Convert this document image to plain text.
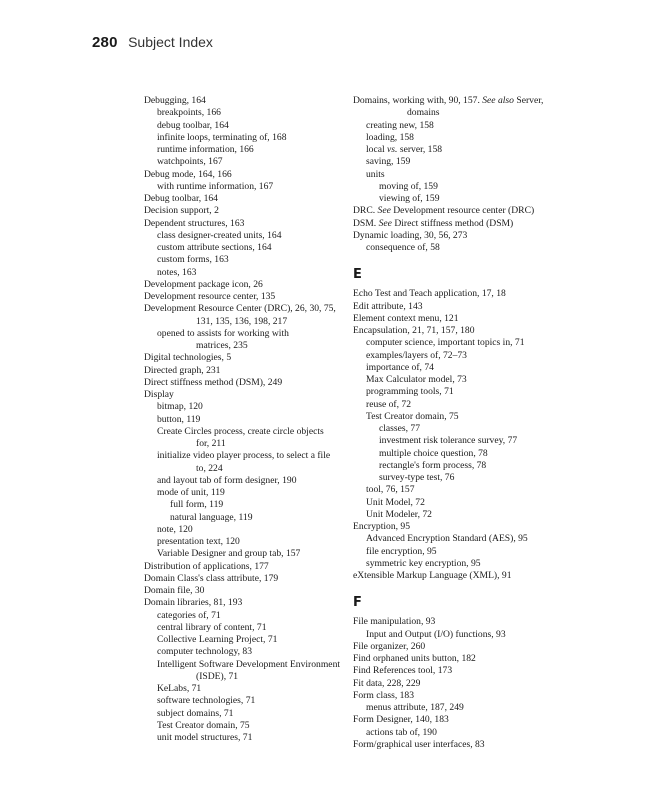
280 Subject Index
Debugging, 164
breakpoints, 166
debug toolbar, 164
infinite loops, terminating of, 168
runtime information, 166
watchpoints, 167
Debug mode, 164, 166
with runtime information, 167
Debug toolbar, 164
Decision support, 2
Dependent structures, 163
class designer-created units, 164
custom attribute sections, 164
custom forms, 163
notes, 163
Development package icon, 26
Development resource center, 135
Development Resource Center (DRC), 26, 30, 75,
131, 135, 136, 198, 217
opened to assists for working with
matrices, 235
Digital technologies, 5
Directed graph, 231
Direct stiffness method (DSM), 249
Display
bitmap, 120
button, 119
Create Circles process, create circle objects
for, 211
initialize video player process, to select a file
to, 224
and layout tab of form designer, 190
mode of unit, 119
full form, 119
natural language, 119
note, 120
presentation text, 120
Variable Designer and group tab, 157
Distribution of applications, 177
Domain Class's class attribute, 179
Domain file, 30
Domain libraries, 81, 193
categories of, 71
central library of content, 71
Collective Learning Project, 71
computer technology, 83
Intelligent Software Development Environment
(ISDE), 71
KeLabs, 71
software technologies, 71
subject domains, 71
Test Creator domain, 75
unit model structures, 71
Domains, working with, 90, 157. See also Server,
domains
creating new, 158
loading, 158
local vs. server, 158
saving, 159
units
moving of, 159
viewing of, 159
DRC. See Development resource center (DRC)
DSM. See Direct stiffness method (DSM)
Dynamic loading, 30, 56, 273
consequence of, 58
E
Echo Test and Teach application, 17, 18
Edit attribute, 143
Element context menu, 121
Encapsulation, 21, 71, 157, 180
computer science, important topics in, 71
examples/layers of, 72–73
importance of, 74
Max Calculator model, 73
programming tools, 71
reuse of, 72
Test Creator domain, 75
classes, 77
investment risk tolerance survey, 77
multiple choice question, 78
rectangle's form process, 78
survey-type test, 76
tool, 76, 157
Unit Model, 72
Unit Modeler, 72
Encryption, 95
Advanced Encryption Standard (AES), 95
file encryption, 95
symmetric key encryption, 95
eXtensible Markup Language (XML), 91
F
File manipulation, 93
Input and Output (I/O) functions, 93
File organizer, 260
Find orphaned units button, 182
Find References tool, 173
Fit data, 228, 229
Form class, 183
menus attribute, 187, 249
Form Designer, 140, 183
actions tab of, 190
Form/graphical user interfaces, 83
